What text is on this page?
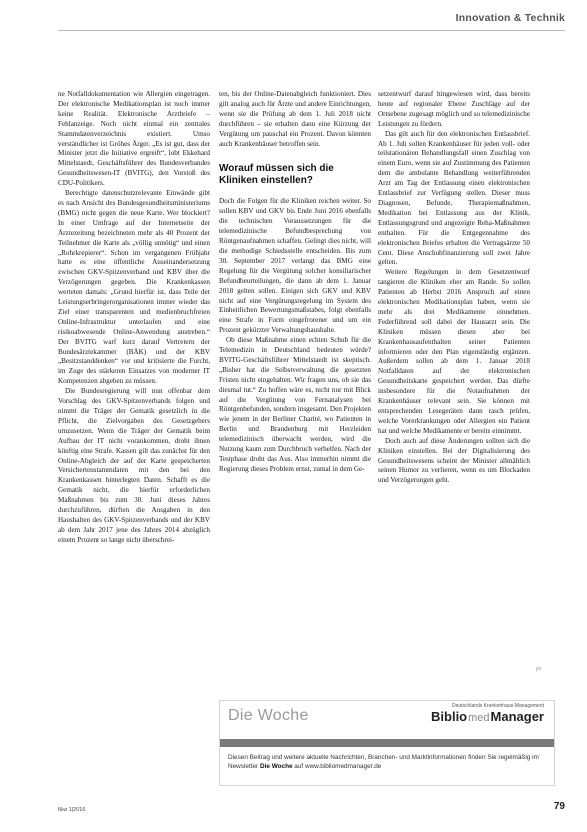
Innovation & Technik

ne Notfalldokumentation wie Allergien eingetragen. Der elektronische Medikationsplan ist noch immer keine Realität. Elektronische Arztbriefe – Fehlanzeige. Noch nicht einmal ein zentrales Stammdatenverzeichnis existiert. Umso verständlicher ist Gröhes Ärger. „Es ist gut, dass der Minister jetzt die Initiative ergreift“, lobt Ekkehard Mittelstaedt, Geschäftsführer des Bundesverbandes Gesundheitswesen-IT (BVITG), den Vorstoß des CDU-Politikers.

Berechtigte datenschutzrelevante Einwände gibt es nach Ansicht des Bundesgesundheitsministeriums (BMG) nicht gegen die neue Karte. Wer blockiert? In einer Umfrage auf der Internetseite der Ärztezeitung bezeichneten mehr als 40 Prozent der Teilnehmer die Karte als „völlig unnötig“ und einen „Rohrkrepierer“. Schon im vergangenen Frühjahr hatte es eine öffentliche Auseinandersetzung zwischen GKV-Spitzenverband und KBV über die Verzögerungen gegeben. Die Krankenkassen werteten damals: „Grund hierfür ist, dass Teile der Leistungserbringerorganisationen immer wieder das Ziel einer transparenten und medienbruchfreien Online-Infrastruktur unterlaufen und eine risikoabwesende Online-Anwendung anstreben.“ Der BVITG warf kurz darauf Vertretern der Bundesärztekammer (BÄK) und der KBV „Besitzstanddenken“ vor und kritisierte die Furcht, im Zuge des stärkeren Einsatzes von moderner IT Kompetenzen abgeben zu müssen.

Die Bundesregierung will nun offenbar dem Vorschlag des GKV-Spitzenverbands folgen und nimmt die Träger der Gematik gesetzlich in die Pflicht, die Zielvorgaben des Gesetzgebers umzusetzen. Wenn die Träger der Gematik beim Aufbau der IT nicht vorankommen, droht ihnen künftig eine Strafe. Kassen gilt das zunächst für den Online-Abgleich der auf der Karte gespeicherten Versichertenstammdaten mit den bei den Krankenkassen hinterlegten Daten. Schafft es die Gematik nicht, die hierfür erforderlichen Maßnahmen bis zum 30. Juni dieses Jahres durchzuführen, dürften die Ausgaben in den Haushalten des GKV-Spitzenverbands und der KBV ab dem Jahr 2017 jene des Jahres 2014 abzüglich einem Prozent so lange nicht überschrei-

ten, bis der Online-Datenabgleich funktioniert. Dies gilt analog auch für Ärzte und andere Einrichtungen, wenn sie die Prüfung ab dem 1. Juli 2018 nicht durchführen – sie erhalten dann eine Kürzung der Vergütung um pauschal ein Prozent. Davon könnten auch Krankenhäuser betroffen sein.

Worauf müssen sich die Kliniken einstellen?

Doch die Folgen für die Kliniken reichen weiter. So sollen KBV und GKV bis Ende Juni 2016 ebenfalls die technischen Voraussetzungen für die telemedizinische Befundbesprechung von Röntgenaufnahmen schaffen. Gelingt dies nicht, will die methodige Schiedsstelle entscheiden. Bis zum 30. September 2017 verlangt das BMG eine Regelung für die Vergütung solcher konsiliarischer Befundbeurteilungen, die dann ab dem 1. Januar 2018 gelten sollen. Einigen sich GKV und KBV nicht auf eine Vergütungsregelung im System des Einheitlichen Bewertungsmaßstabes, folgt ebenfalls eine Strafe in Form eingefrorener und um ein Prozent gekürzter Verwaltungshaushalte.

Ob diese Maßnahme einen echten Schub für die Telemedizin in Deutschland bedeuten würde? BVITG-Geschäftsführer Mittelstaedt ist skeptisch. „Bisher hat die Selbstverwaltung die gesetzten Fristen nicht eingehalten. Wir fragen uns, ob sie das diesmal tut.“ Zu hoffen wäre es, nicht nur mit Blick auf die Vergütung von Fernanalysen bei Röntgenbefunden, sondern insgesamt. Den Projekten wie jenem in der Berliner Charité, wo Patienten in Berlin und Brandenburg mit Herzleiden telemedizinisch überwacht werden, wird die Nutzung kaum zum Durchbruch verhelfen. Nach der Testphase droht das Aus. Also immerhin nimmt die Regierung dieses Problem ernst, zumal in dem Ge-

setzentwurf darauf hingewiesen wird, dass bereits heute auf regionaler Ebene Zuschläge auf der Ortsebene zugesagt möglich und so telemedizinische Leistungen zu fördern.

Das gilt auch für den elektronischen Entlassbrief. Ab 1. Juli sollen Krankenhäuser für jeden voll- oder teilstationären Behandlungsfall einen Zuschlag von einem Euro, wenn sie auf Zustimmung des Patienten dem die ambulante Behandlung weiterführenden Arzt am Tag der Entlassung einen elektronischen Entlassbrief zur Verfügung stellen. Dieser muss Diagnosen, Befunde, Therapiemaßnahmen, Medikation bei Entlassung aus der Klinik, Entlassungsgrund und angezeigte Reha-Maßnahmen enthalten. Für die Entgegennahme des elektronischen Briefes erhalten die Vertragsärzte 50 Cent. Diese Anschubfinanzierung soll zwei Jahre gelten.

Weitere Regelungen in dem Gesetzentwurf tangieren die Kliniken eher am Rande. So sollen Patienten ab Herbst 2016 Anspruch auf einen elektronischen Medikationsplan haben, wenn sie mehr als drei Medikamente einnehmen. Federführend soll dabei der Hausarzt sein. Die Kliniken müssen diesen aber bei Krankenhausaufenthalten seiner Patienten informieren oder den Plan eigenständig ergänzen. Außerdem sollen ab dem 1. Januar 2018 Notfalldaten auf der elektronischen Gesundheitskarte gespeichert werden. Das dürfte insbesondere für die Notaufnahmen der Krankenhäuser relevant sein. Sie können mit entsprechenden Lesegeräten dann rasch prüfen, welche Vorerkrankungen oder Allergien ein Patient hat und welche Medikamente er bereits einnimmt.

Doch auch auf diese Änderungen sollten sich die Kliniken einstellen. Bei der Digitalisierung des Gesundheitswesens scheint der Minister allmählich seinen Humor zu verlieren, wenn es um Blockaden und Verzögerungen geht.

ps
Die Woche	Biblio med Manager
Deutschlands Krankenhaus-Management
Diesen Beitrag und weitere aktuelle Nachrichten, Branchen- und Marktinformationen finden Sie regelmäßig im Newsletter Die Woche auf www.bibliomedmanager.de
f&w 1|2016	79
